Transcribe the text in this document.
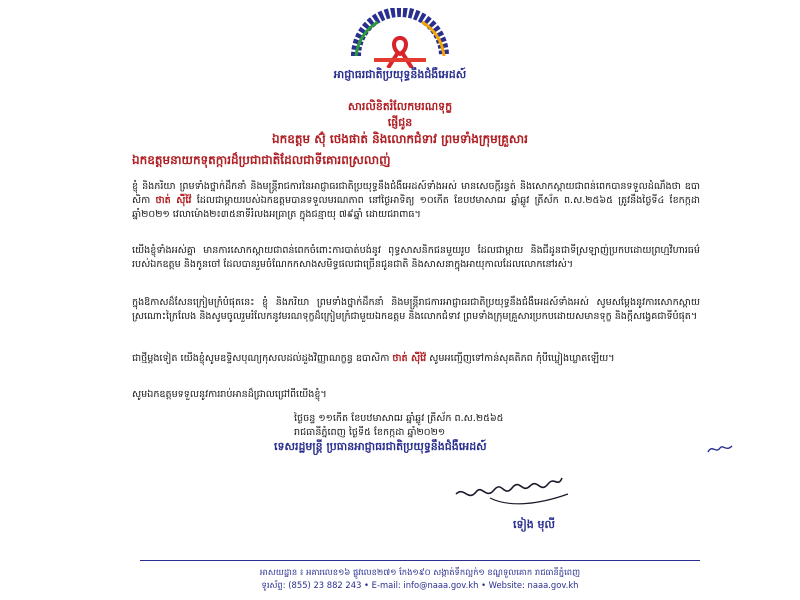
អាជ្ញាធរជាតិប្រយុទ្ធនឹងជំងឺអេដស៍
សារលិខិតរំលែកមរណទុក្ខ
ផ្ញើជូន
ឯកឧត្តម ស៊ុំ ថេងផាត់ និងលោកជំទាវ ព្រមទាំងក្រុមគ្រួសារ
ឯកឧត្តមនាយកទុតក្ការដ៏ប្រជាជាតិដែលជាទីគោរពស្រលាញ់
ខ្ញុំ និងភរិយា ព្រមទាំងថ្នាក់ដឹកនាំ និងមន្ត្រីរាជការនៃអាជ្ញាធរជាតិប្រយុទ្ធនឹងជំងឺអេដស៍ទាំងអស់ មានសេចក្តីរន្ធត់ និងសោកស្តាយជាពន់ពេកបានទទួលដំណឹងថា ឧបាសិកា ថាត់ ស៊ីវ៉ៃ ដែលជាម្តាយរបស់ឯកឧត្តមបានទទួលមរណភាព នៅថ្ងៃអាទិត្យ ១០កើត ខែបឋមាសាឍ ឆ្នាំឆ្លូវ ត្រីស័ក ព.ស.២៥៦៥ ត្រូវនឹងថ្ងៃទី៤ ខែកក្កដា ឆ្នាំ២០២១ វេលាម៉ោង២៖៣៥នាទីរំលងអធ្រាត្រ ក្នុងជន្មាយុ ៧៩ឆ្នាំ ដោយជរាពាធ។
យើងខ្ញុំទាំងអស់គ្នា មានការសោកស្តាយជាពន់ពេកចំពោះការបាត់បង់នូវ ពុទ្ធសាសនិកជនមួយរូប ដែលជាម្តាយ និងជីដូនជាទីស្រឡាញ់ប្រកបដោយព្រហ្មវិហារធម៌របស់ឯកឧត្តម និងកូនចៅ ដែលបានរួមចំណែកកសាងសមិទ្ធផលជាច្រើនជូនជាតិ និងសាសនាក្នុងអាយុកាលដែលលោកនៅរស់។
ក្នុងឱកាសដ៏សែនក្រៀមក្រំបំផុតនេះ ខ្ញុំ និងភរិយា ព្រមទាំងថ្នាក់ដឹកនាំ និងមន្ត្រីរាជការអាជ្ញាធរជាតិប្រយុទ្ធនឹងជំងឺអេដស៍ទាំងអស់ សូមសម្តែងនូវការសោកស្តាយស្រណោះក្រៃលែង និងសូមចូលរួមរំលែកនូវមរណទុក្ខដ៏ក្រៀមក្រំជាមួយឯកឧត្តម និងលោកជំទាវ ព្រមទាំងក្រុមគ្រួសារប្រកបដោយសមានទុក្ខ និងក្តីសង្វេគជាទីបំផុត។
ជាថ្មីម្តងទៀត យើងខ្ញុំសូមឧទ្ទិសបុណ្យកុសលដល់ដួងវិញ្ញាណក្ខន្ធ ឧបាសិកា ថាត់ ស៊ីវ៉ៃ សូមអញ្ជើញទៅកាន់សុគតិភព កុំបីឃ្លៀងឃ្លាតឡើយ។
សូមឯកឧត្តមទទួលនូវការរាប់អានដ៏ជ្រាលជ្រៅពីយើងខ្ញុំ។
ថ្ងៃចន្ទ ១១កើត ខែបឋមាសាឍ ឆ្នាំឆ្លូវ ត្រីស័ក ព.ស.២៥៦៥
រាជធានីភ្នំពេញ ថ្ងៃទី៥ ខែកក្កដា ឆ្នាំ២០២១
ទេសរដ្ឋមន្ត្រី ប្រធានអាជ្ញាធរជាតិប្រយុទ្ធនឹងជំងឺអេដស៍
ទៀង មុលី
អាសយដ្ឋាន ៖ អគារលេខ១៦ ផ្លូវលេខ២៧១ កែង១៩០ សង្កាត់ទឹកល្អក់១ ខណ្ឌទួលគោក រាជធានីភ្នំពេញ
ទូរស័ព្ទ: (855) 23 882 243 • E-mail: info@naaa.gov.kh • Website: naaa.gov.kh
